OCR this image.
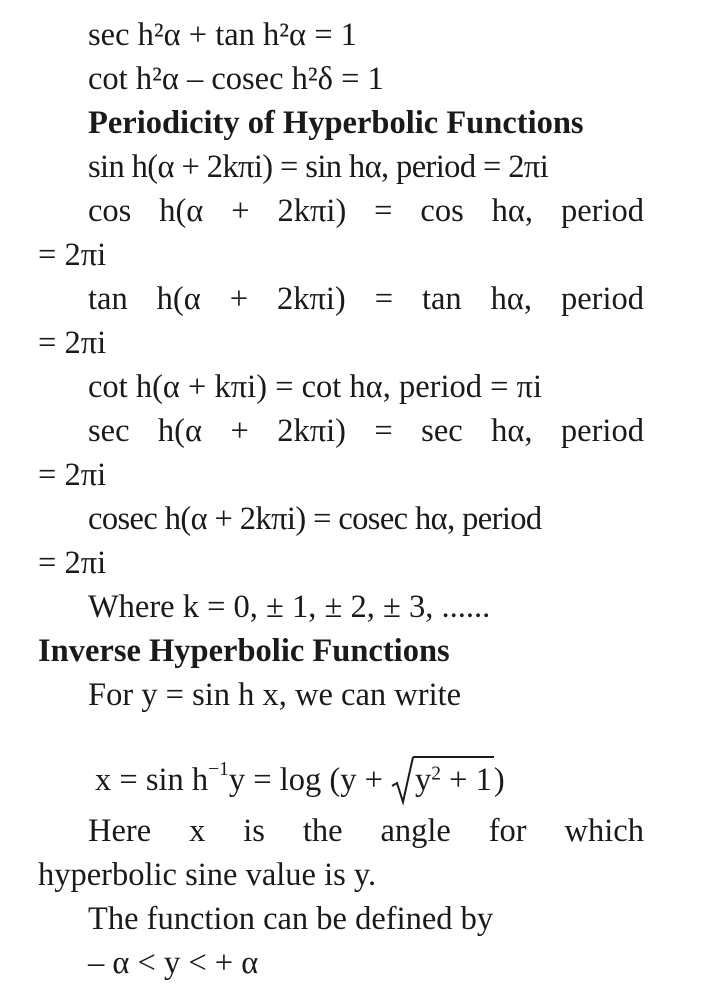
sec h²α + tan h²α = 1
cot h²α – cosec h²δ = 1
Periodicity of Hyperbolic Functions
sin h(α + 2kπi) = sin hα, period = 2πi
cos h(α + 2kπi) = cos hα, period
= 2πi
tan h(α + 2kπi) = tan hα, period
= 2πi
cot h(α + kπi) = cot hα, period = πi
sec h(α + 2kπi) = sec hα, period
= 2πi
cosec h(α + 2kπi) = cosec hα, period
= 2πi
Where k = 0, ± 1, ± 2, ± 3, ......
Inverse Hyperbolic Functions
For y = sin h x, we can write
$x = \sin h^{-1}y = \log (y + y^2 + 1)$
Here x is the angle for which
hyperbolic sine value is y.
The function can be defined by
– α < y < + α
